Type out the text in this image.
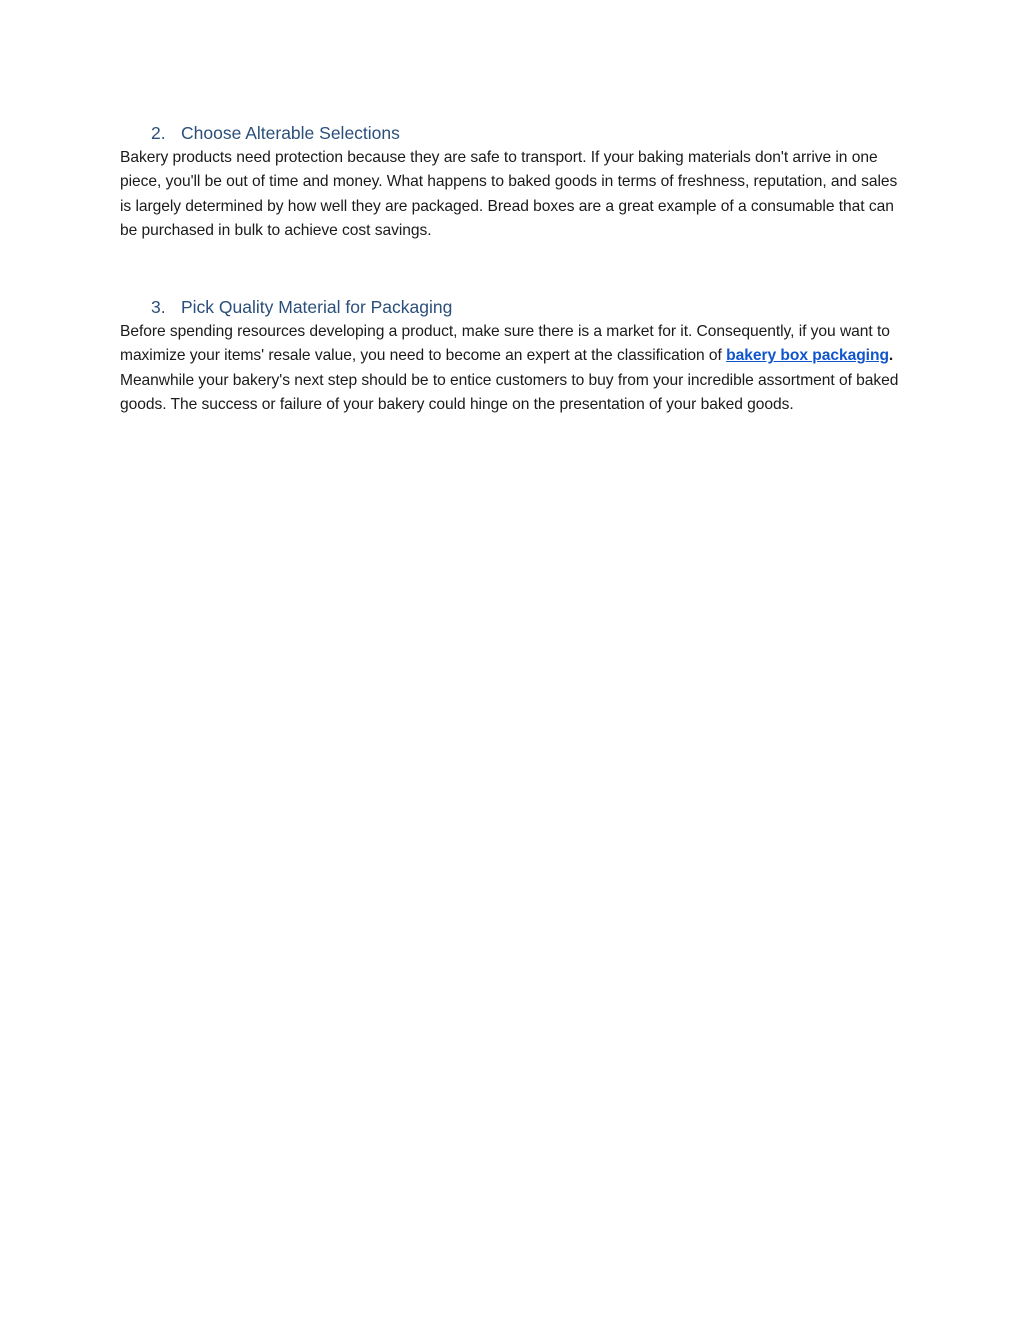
2. Choose Alterable Selections

Bakery products need protection because they are safe to transport. If your baking materials don't arrive in one piece, you'll be out of time and money. What happens to baked goods in terms of freshness, reputation, and sales is largely determined by how well they are packaged. Bread boxes are a great example of a consumable that can be purchased in bulk to achieve cost savings.

3. Pick Quality Material for Packaging

Before spending resources developing a product, make sure there is a market for it. Consequently, if you want to maximize your items' resale value, you need to become an expert at the classification of bakery box packaging. Meanwhile your bakery's next step should be to entice customers to buy from your incredible assortment of baked goods. The success or failure of your bakery could hinge on the presentation of your baked goods.
